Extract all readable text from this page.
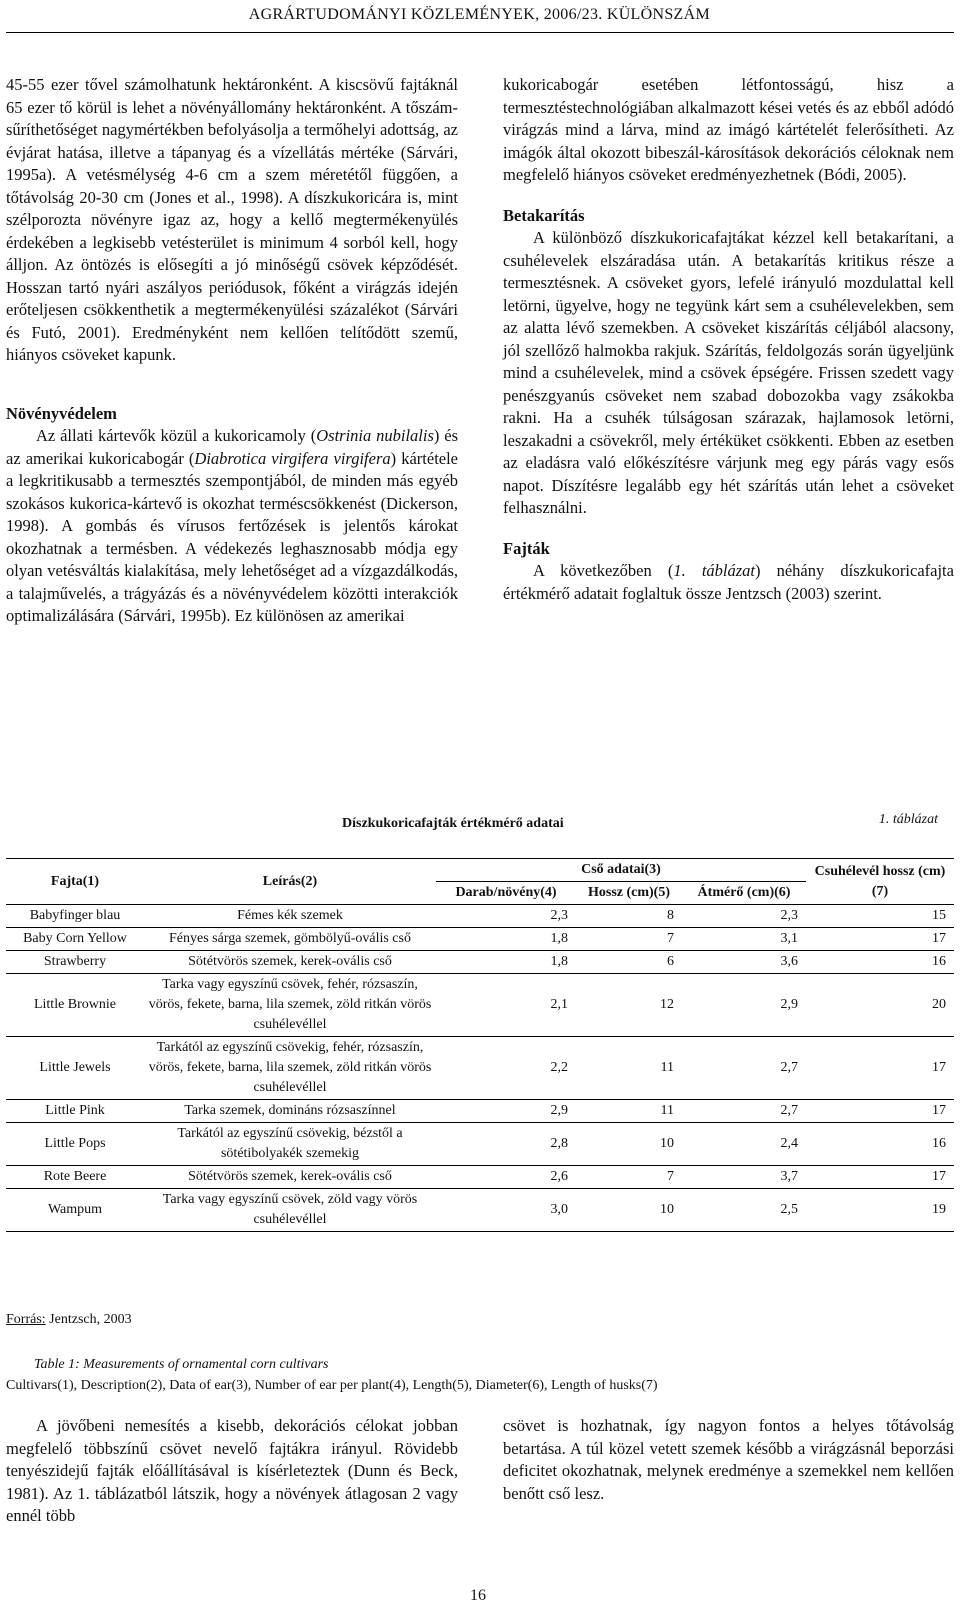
AGRÁRTUDOMÁNYI KÖZLEMÉNYEK, 2006/23. KÜLÖNSZÁM

45-55 ezer tővel számolhatunk hektáronként. A kiscsövű fajtáknál 65 ezer tő körül is lehet a növényállomány hektáronként. A tőszám-sűríthetőséget nagymértékben befolyásolja a termőhelyi adottság, az évjárat hatása, illetve a tápanyag és a vízellátás mértéke (Sárvári, 1995a). A vetésmélység 4-6 cm a szem méretétől függően, a tőtávolság 20-30 cm (Jones et al., 1998). A díszkukoricára is, mint szélporozta növényre igaz az, hogy a kellő megtermékenyülés érdekében a legkisebb vetésterület is minimum 4 sorból kell, hogy álljon. Az öntözés is elősegíti a jó minőségű csövek képződését. Hosszan tartó nyári aszályos periódusok, főként a virágzás idején erőteljesen csökkenthetik a megtermékenyülési százalékot (Sárvári és Futó, 2001). Eredményként nem kellően telítődött szemű, hiányos csöveket kapunk.

Növényvédelem

Az állati kártevők közül a kukoricamoly (Ostrinia nubilalis) és az amerikai kukoricabogár (Diabrotica virgifera virgifera) kártétele a legkritikusabb a termesztés szempontjából, de minden más egyéb szokásos kukorica-kártevő is okozhat terméscsökkenést (Dickerson, 1998). A gombás és vírusos fertőzések is jelentős károkat okozhatnak a termésben. A védekezés leghasznosabb módja egy olyan vetésváltás kialakítása, mely lehetőséget ad a vízgazdálkodás, a talajművelés, a trágyázás és a növényvédelem közötti interakciók optimalizálására (Sárvári, 1995b). Ez különösen az amerikai

kukoricabogár esetében létfontosságú, hisz a termesztéstechnológiában alkalmazott kései vetés és az ebből adódó virágzás mind a lárva, mind az imágó kártételét felerősítheti. Az imágók által okozott bibeszál-károsítások dekorációs céloknak nem megfelelő hiányos csöveket eredményezhetnek (Bódi, 2005).

Betakarítás

A különböző díszkukoricafajtákat kézzel kell betakarítani, a csuhélevelek elszáradása után. A betakarítás kritikus része a termesztésnek. A csöveket gyors, lefelé irányuló mozdulattal kell letörni, ügyelve, hogy ne tegyünk kárt sem a csuhélevelekben, sem az alatta lévő szemekben. A csöveket kiszárítás céljából alacsony, jól szellőző halmokba rakjuk. Szárítás, feldolgozás során ügyeljünk mind a csuhélevelek, mind a csövek épségére. Frissen szedett vagy penészgyanús csöveket nem szabad dobozokba vagy zsákokba rakni. Ha a csuhék túlságosan szárazak, hajlamosok letörni, leszakadni a csövekről, mely értéküket csökkenti. Ebben az esetben az eladásra való előkészítésre várjunk meg egy párás vagy esős napot. Díszítésre legalább egy hét szárítás után lehet a csöveket felhasználni.

Fajták

A következőben (1. táblázat) néhány díszkukoricafajta értékmérő adatait foglaltuk össze Jentzsch (2003) szerint.

1. táblázat
Díszkukoricafajták értékmérő adatai
Fajta(1)	Leírás(2)	Cső adatai(3)			Csuhélevél hossz (cm)(7)
		Darab/növény(4)	Hossz (cm)(5)	Átmérő (cm)(6)	
Babyfinger blau	Fémes kék szemek	2,3	8	2,3	15
Baby Corn Yellow	Fényes sárga szemek, gömbölyű-ovális cső	1,8	7	3,1	17
Strawberry	Sötétvörös szemek, kerek-ovális cső	1,8	6	3,6	16
Little Brownie	Tarka vagy egyszínű csövek, fehér, rózsaszín, vörös, fekete, barna, lila szemek, zöld ritkán vörös csuhélevéllel	2,1	12	2,9	20
Little Jewels	Tarkától az egyszínű csövekig, fehér, rózsaszín, vörös, fekete, barna, lila szemek, zöld ritkán vörös csuhélevéllel	2,2	11	2,7	17
Little Pink	Tarka szemek, domináns rózsaszínnel	2,9	11	2,7	17
Little Pops	Tarkától az egyszínű csövekig, bézstől a sötétibolyakék szemekig	2,8	10	2,4	16
Rote Beere	Sötétvörös szemek, kerek-ovális cső	2,6	7	3,7	17
Wampum	Tarka vagy egyszínű csövek, zöld vagy vörös csuhélevéllel	3,0	10	2,5	19
Forrás: Jentzsch, 2003
Table 1: Measurements of ornamental corn cultivars
Cultivars(1), Description(2), Data of ear(3), Number of ear per plant(4), Length(5), Diameter(6), Length of husks(7)

A jövőbeni nemesítés a kisebb, dekorációs célokat jobban megfelelő többszínű csövet nevelő fajtákra irányul. Rövidebb tenyészidejű fajták előállításával is kísérleteztek (Dunn és Beck, 1981). Az 1. táblázatból látszik, hogy a növények átlagosan 2 vagy ennél több

csövet is hozhatnak, így nagyon fontos a helyes tőtávolság betartása. A túl közel vetett szemek később a virágzásnál beporzási deficitet okozhatnak, melynek eredménye a szemekkel nem kellően benőtt cső lesz.

16
